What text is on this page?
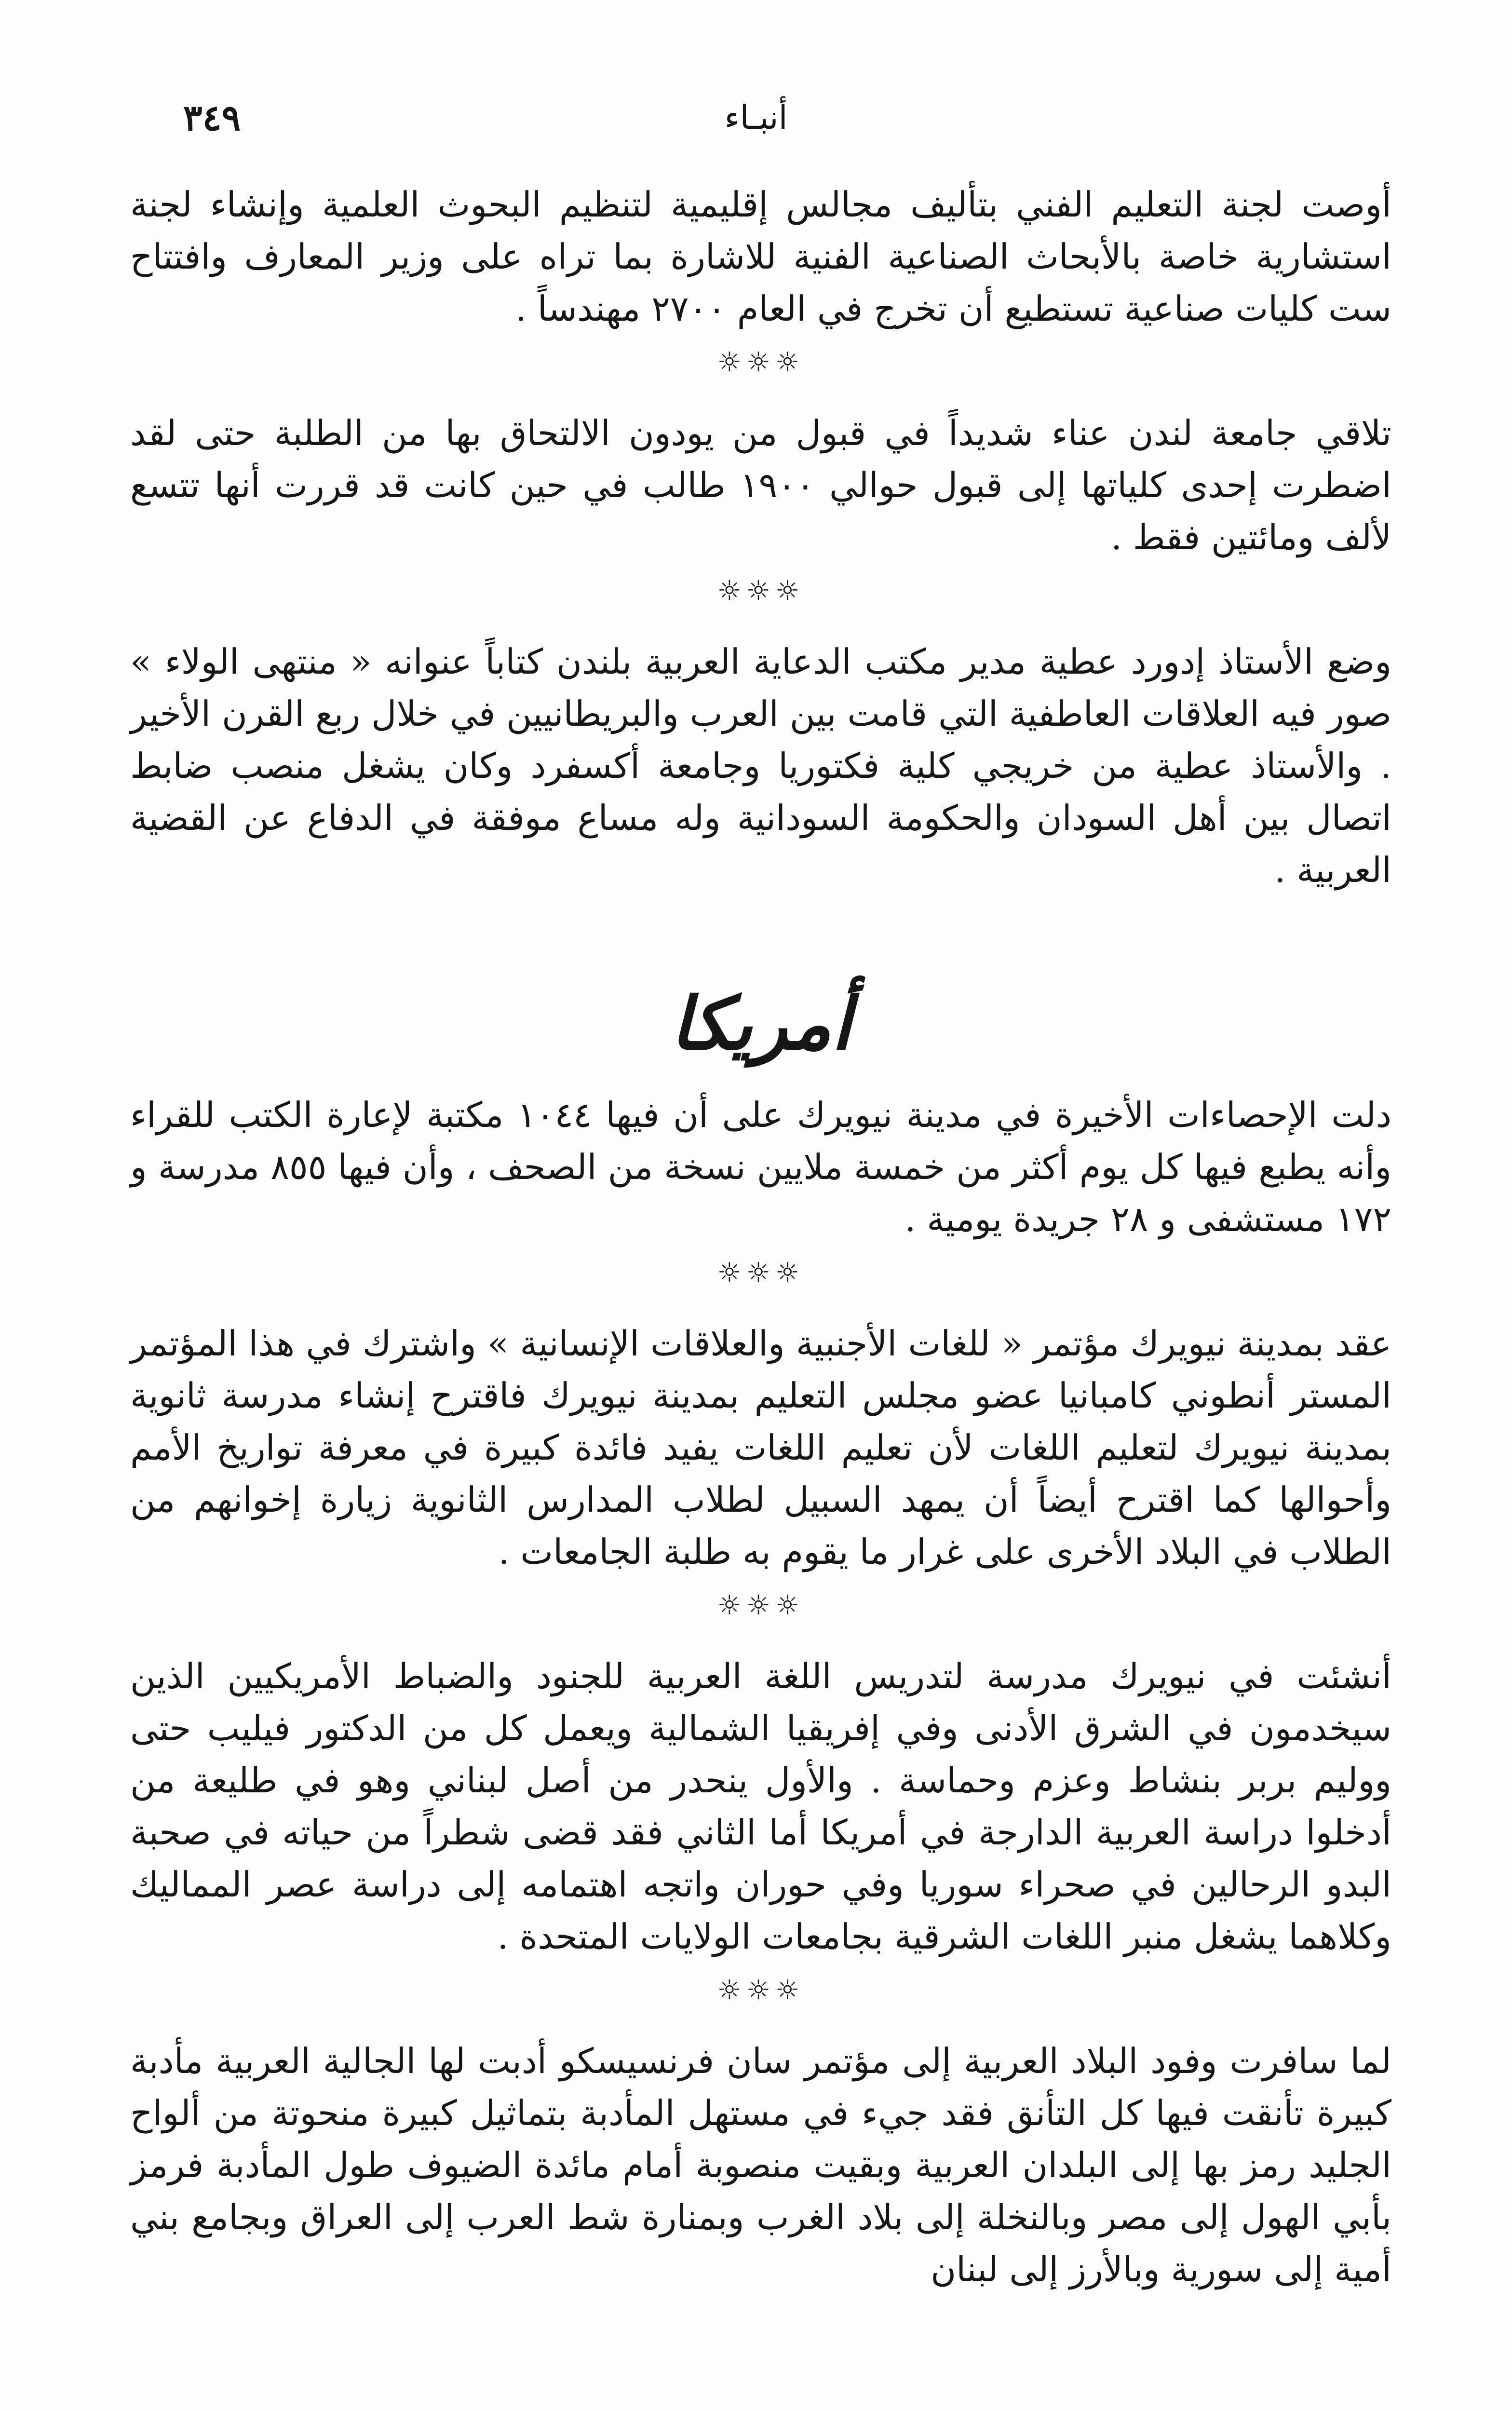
٣٤٩	أنبـاء

أوصت لجنة التعليم الفني بتأليف مجالس إقليمية لتنظيم البحوث العلمية وإنشاء لجنة استشارية خاصة بالأبحاث الصناعية الفنية للاشارة بما تراه على وزير المعارف وافتتاح ست كليات صناعية تستطيع أن تخرج في العام ٢٧٠٠ مهندساً .

☼☼☼

تلاقي جامعة لندن عناء شديداً في قبول من يودون الالتحاق بها من الطلبة حتى لقد اضطرت إحدى كلياتها إلى قبول حوالي ١٩٠٠ طالب في حين كانت قد قررت أنها تتسع لألف ومائتين فقط .

☼☼☼

وضع الأستاذ إدورد عطية مدير مكتب الدعاية العربية بلندن كتاباً عنوانه « منتهى الولاء » صور فيه العلاقات العاطفية التي قامت بين العرب والبريطانيين في خلال ربع القرن الأخير . والأستاذ عطية من خريجي كلية فكتوريا وجامعة أكسفرد وكان يشغل منصب ضابط اتصال بين أهل السودان والحكومة السودانية وله مساع موفقة في الدفاع عن القضية العربية .

أمريكا

دلت الإحصاءات الأخيرة في مدينة نيويرك على أن فيها ١٠٤٤ مكتبة لإعارة الكتب للقراء وأنه يطبع فيها كل يوم أكثر من خمسة ملايين نسخة من الصحف ، وأن فيها ٨٥٥ مدرسة و ١٧٢ مستشفى و ٢٨ جريدة يومية .

☼☼☼

عقد بمدينة نيويرك مؤتمر « للغات الأجنبية والعلاقات الإنسانية » واشترك في هذا المؤتمر المستر أنطوني كامبانيا عضو مجلس التعليم بمدينة نيويرك فاقترح إنشاء مدرسة ثانوية بمدينة نيويرك لتعليم اللغات لأن تعليم اللغات يفيد فائدة كبيرة في معرفة تواريخ الأمم وأحوالها كما اقترح أيضاً أن يمهد السبيل لطلاب المدارس الثانوية زيارة إخوانهم من الطلاب في البلاد الأخرى على غرار ما يقوم به طلبة الجامعات .

☼☼☼

أنشئت في نيويرك مدرسة لتدريس اللغة العربية للجنود والضباط الأمريكيين الذين سيخدمون في الشرق الأدنى وفي إفريقيا الشمالية ويعمل كل من الدكتور فيليب حتى ووليم بربر بنشاط وعزم وحماسة . والأول ينحدر من أصل لبناني وهو في طليعة من أدخلوا دراسة العربية الدارجة في أمريكا أما الثاني فقد قضى شطراً من حياته في صحبة البدو الرحالين في صحراء سوريا وفي حوران واتجه اهتمامه إلى دراسة عصر المماليك وكلاهما يشغل منبر اللغات الشرقية بجامعات الولايات المتحدة .

☼☼☼

لما سافرت وفود البلاد العربية إلى مؤتمر سان فرنسيسكو أدبت لها الجالية العربية مأدبة كبيرة تأنقت فيها كل التأنق فقد جيء في مستهل المأدبة بتماثيل كبيرة منحوتة من ألواح الجليد رمز بها إلى البلدان العربية وبقيت منصوبة أمام مائدة الضيوف طول المأدبة فرمز بأبي الهول إلى مصر وبالنخلة إلى بلاد الغرب وبمنارة شط العرب إلى العراق وبجامع بني أمية إلى سورية وبالأرز إلى لبنان
